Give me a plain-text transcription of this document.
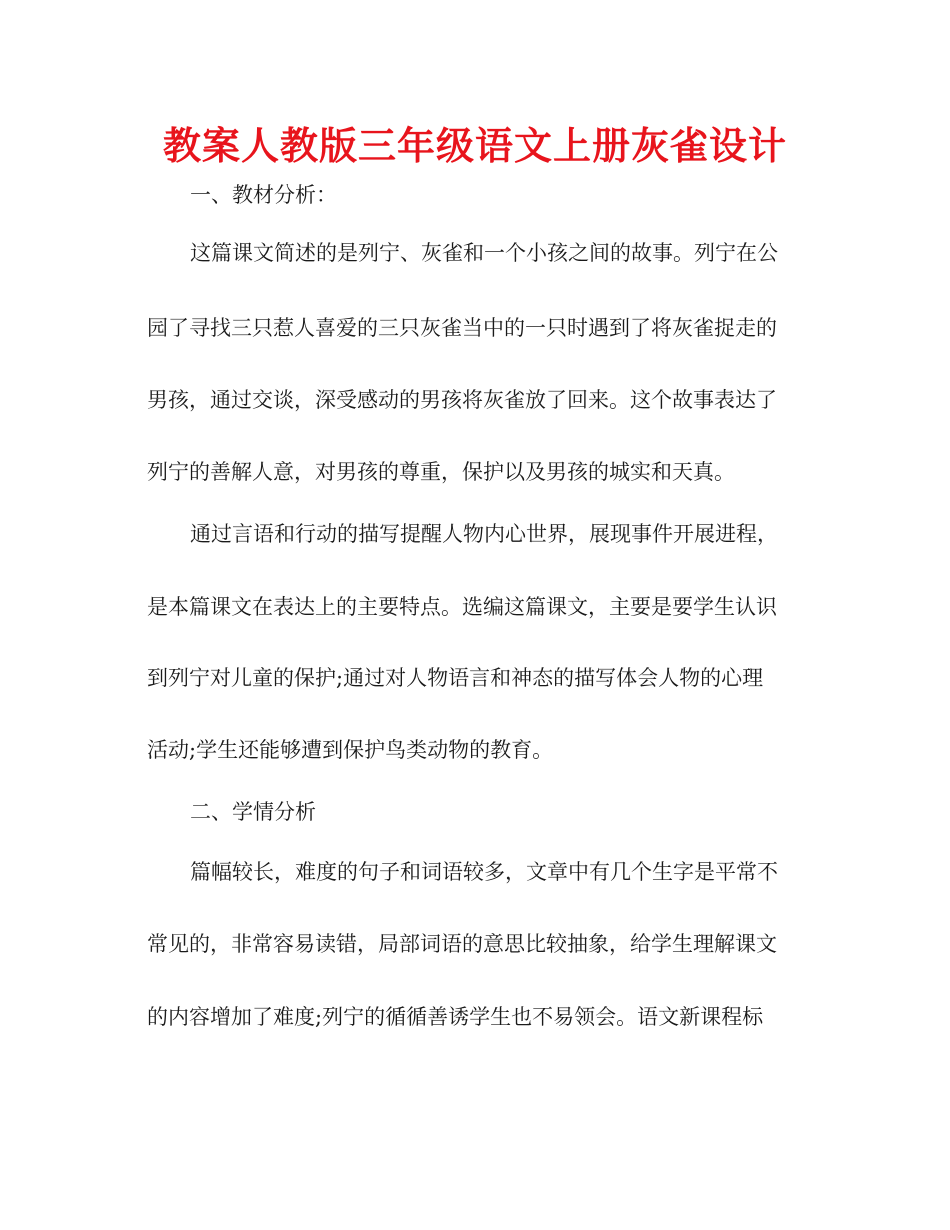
教案人教版三年级语文上册灰雀设计

一、教材分析：

这篇课文简述的是列宁、灰雀和一个小孩之间的故事。列宁在公

园了寻找三只惹人喜爱的三只灰雀当中的一只时遇到了将灰雀捉走的

男孩，通过交谈，深受感动的男孩将灰雀放了回来。这个故事表达了

列宁的善解人意，对男孩的尊重，保护以及男孩的城实和天真。

通过言语和行动的描写提醒人物内心世界，展现事件开展进程，

是本篇课文在表达上的主要特点。选编这篇课文，主要是要学生认识

到列宁对儿童的保护;通过对人物语言和神态的描写体会人物的心理

活动;学生还能够遭到保护鸟类动物的教育。

二、学情分析

篇幅较长，难度的句子和词语较多，文章中有几个生字是平常不

常见的，非常容易读错，局部词语的意思比较抽象，给学生理解课文

的内容增加了难度;列宁的循循善诱学生也不易领会。语文新课程标
